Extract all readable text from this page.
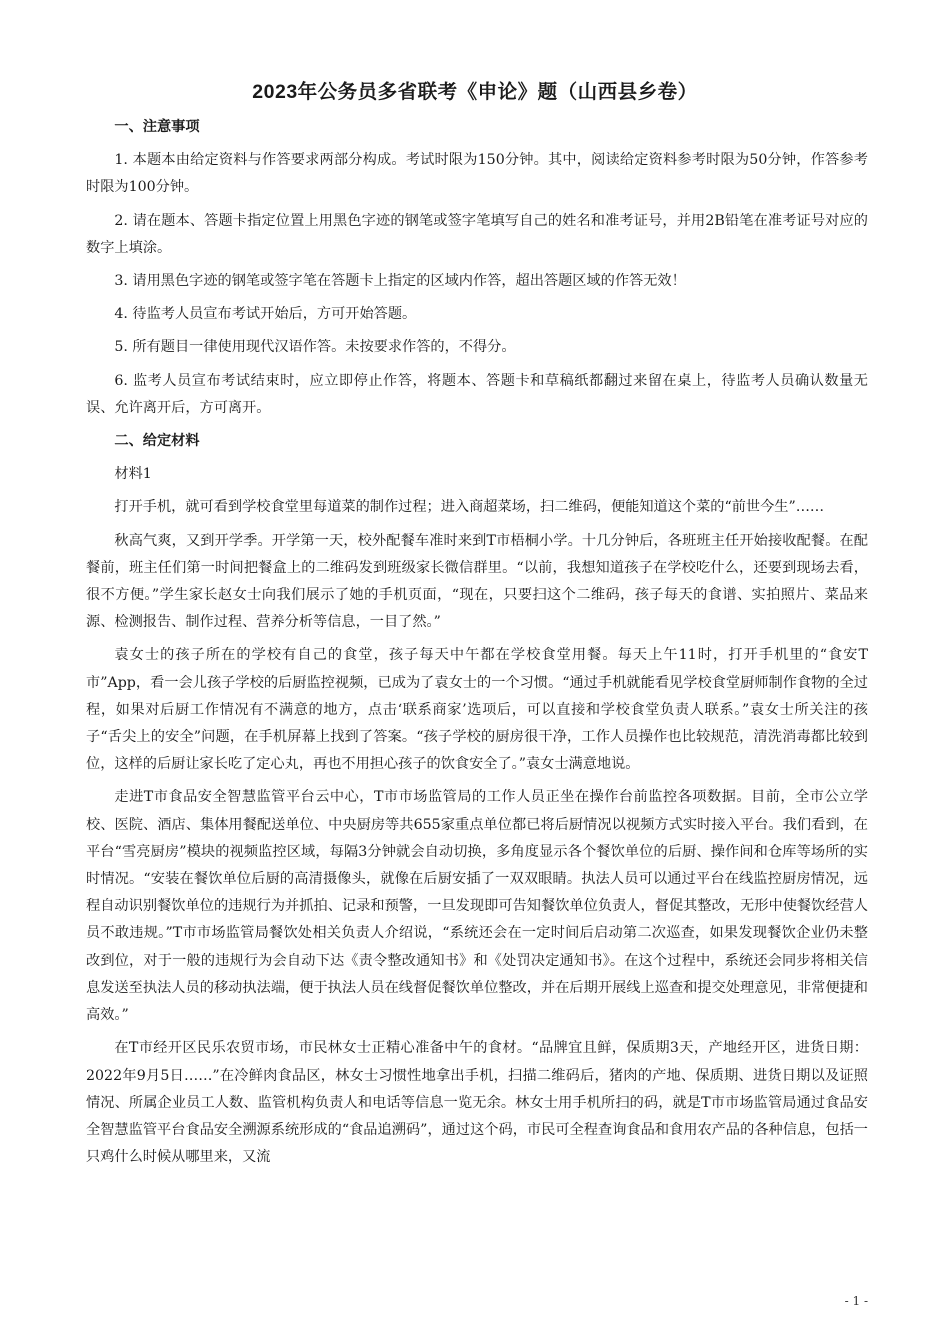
2023年公务员多省联考《申论》题（山西县乡卷）

一、注意事项

1. 本题本由给定资料与作答要求两部分构成。考试时限为150分钟。其中，阅读给定资料参考时限为50分钟，作答参考时限为100分钟。

2. 请在题本、答题卡指定位置上用黑色字迹的钢笔或签字笔填写自己的姓名和准考证号，并用2B铅笔在准考证号对应的数字上填涂。

3. 请用黑色字迹的钢笔或签字笔在答题卡上指定的区域内作答，超出答题区域的作答无效！

4. 待监考人员宣布考试开始后，方可开始答题。

5. 所有题目一律使用现代汉语作答。未按要求作答的，不得分。

6. 监考人员宣布考试结束时，应立即停止作答，将题本、答题卡和草稿纸都翻过来留在桌上，待监考人员确认数量无误、允许离开后，方可离开。

二、给定材料

材料1

打开手机，就可看到学校食堂里每道菜的制作过程；进入商超菜场，扫二维码，便能知道这个菜的“前世今生”……

秋高气爽，又到开学季。开学第一天，校外配餐车准时来到T市梧桐小学。十几分钟后，各班班主任开始接收配餐。在配餐前，班主任们第一时间把餐盒上的二维码发到班级家长微信群里。“以前，我想知道孩子在学校吃什么，还要到现场去看，很不方便。”学生家长赵女士向我们展示了她的手机页面，“现在，只要扫这个二维码，孩子每天的食谱、实拍照片、菜品来源、检测报告、制作过程、营养分析等信息，一目了然。”

袁女士的孩子所在的学校有自己的食堂，孩子每天中午都在学校食堂用餐。每天上午11时，打开手机里的“食安T市”App，看一会儿孩子学校的后厨监控视频，已成为了袁女士的一个习惯。“通过手机就能看见学校食堂厨师制作食物的全过程，如果对后厨工作情况有不满意的地方，点击‘联系商家’选项后，可以直接和学校食堂负责人联系。”袁女士所关注的孩子“舌尖上的安全”问题，在手机屏幕上找到了答案。“孩子学校的厨房很干净，工作人员操作也比较规范，清洗消毒都比较到位，这样的后厨让家长吃了定心丸，再也不用担心孩子的饮食安全了。”袁女士满意地说。

走进T市食品安全智慧监管平台云中心，T市市场监管局的工作人员正坐在操作台前监控各项数据。目前，全市公立学校、医院、酒店、集体用餐配送单位、中央厨房等共655家重点单位都已将后厨情况以视频方式实时接入平台。我们看到，在平台“雪亮厨房”模块的视频监控区域，每隔3分钟就会自动切换，多角度显示各个餐饮单位的后厨、操作间和仓库等场所的实时情况。“安装在餐饮单位后厨的高清摄像头，就像在后厨安插了一双双眼睛。执法人员可以通过平台在线监控厨房情况，远程自动识别餐饮单位的违规行为并抓拍、记录和预警，一旦发现即可告知餐饮单位负责人，督促其整改，无形中使餐饮经营人员不敢违规。”T市市场监管局餐饮处相关负责人介绍说，“系统还会在一定时间后启动第二次巡查，如果发现餐饮企业仍未整改到位，对于一般的违规行为会自动下达《责令整改通知书》和《处罚决定通知书》。在这个过程中，系统还会同步将相关信息发送至执法人员的移动执法端，便于执法人员在线督促餐饮单位整改，并在后期开展线上巡查和提交处理意见，非常便捷和高效。”

在T市经开区民乐农贸市场，市民林女士正精心准备中午的食材。“品牌宜且鲜，保质期3天，产地经开区，进货日期：2022年9月5日……”在冷鲜肉食品区，林女士习惯性地拿出手机，扫描二维码后，猪肉的产地、保质期、进货日期以及证照情况、所属企业员工人数、监管机构负责人和电话等信息一览无余。林女士用手机所扫的码，就是T市市场监管局通过食品安全智慧监管平台食品安全溯源系统形成的“食品追溯码”，通过这个码，市民可全程查询食品和食用农产品的各种信息，包括一只鸡什么时候从哪里来，又流

- 1 -
